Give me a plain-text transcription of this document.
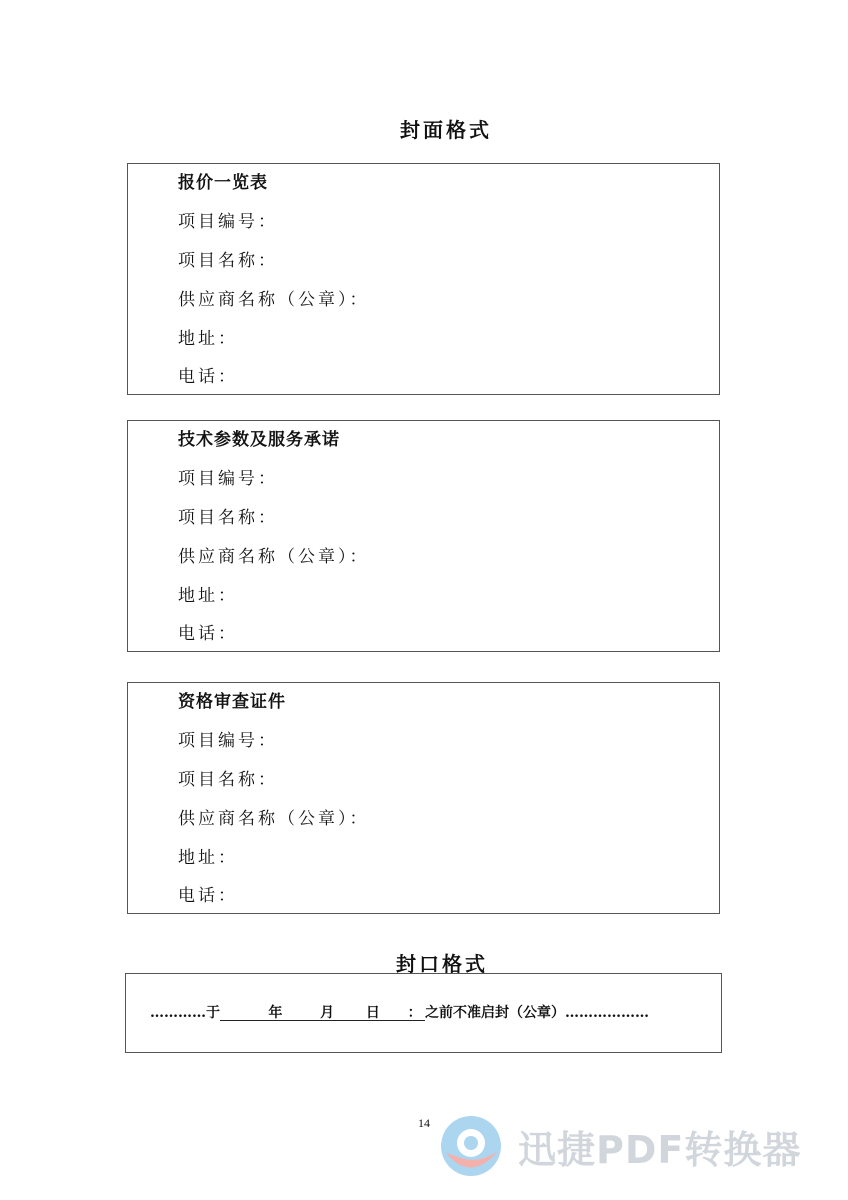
封面格式
报价一览表
项目编号：
项目名称：
供应商名称（公章）：
地址：
电话：
技术参数及服务承诺
项目编号：
项目名称：
供应商名称（公章）：
地址：
电话：
资格审查证件
项目编号：
项目名称：
供应商名称（公章）：
地址：
电话：
封口格式
………… 于	年	月 日 ： 之前不准启封（公章） ………………
14
迅捷PDF转换器
